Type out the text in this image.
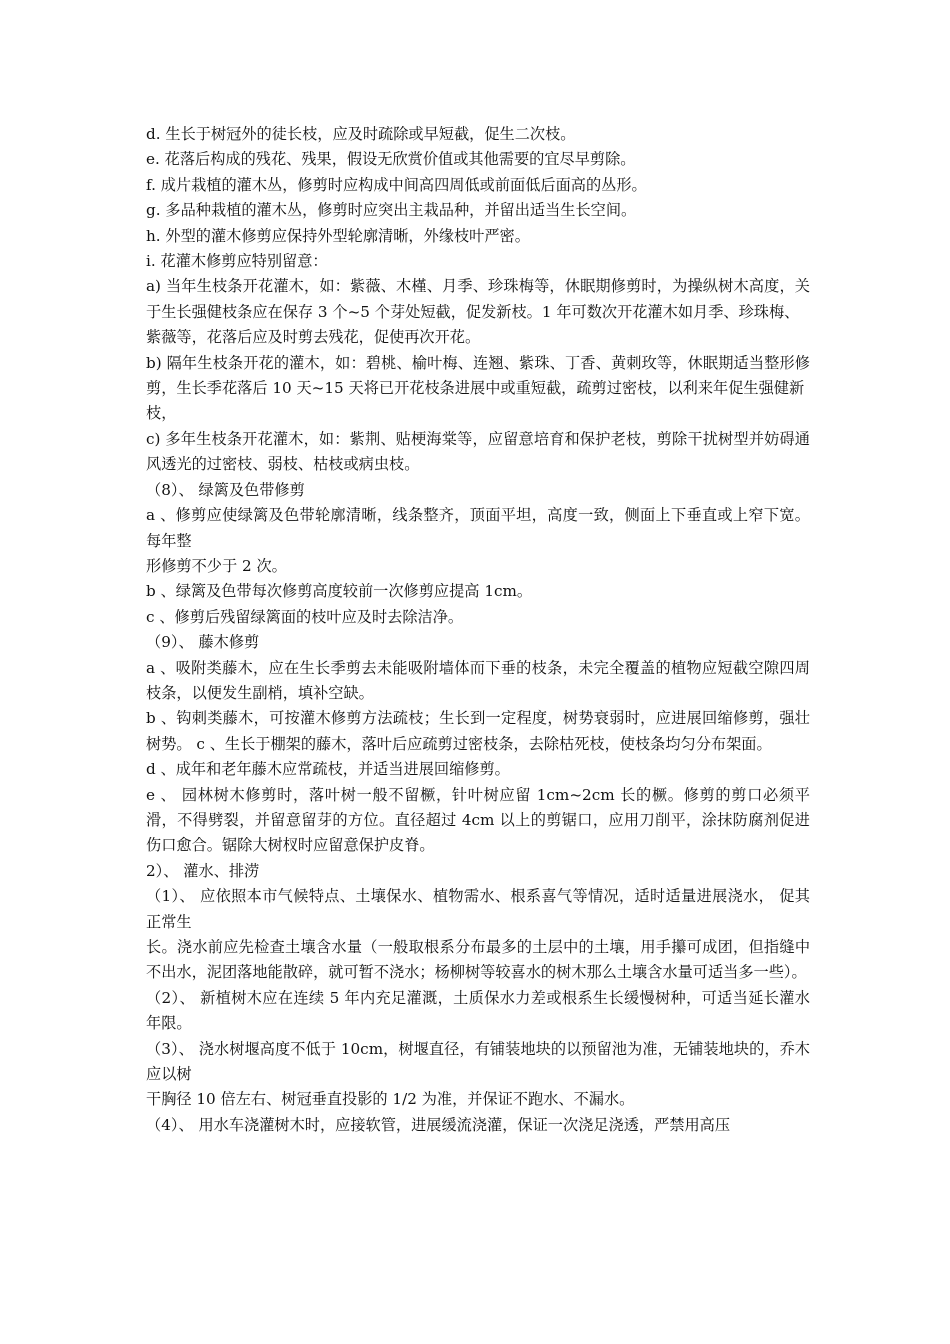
d. 生长于树冠外的徒长枝，应及时疏除或早短截，促生二次枝。

e. 花落后构成的残花、残果，假设无欣赏价值或其他需要的宜尽早剪除。

f. 成片栽植的灌木丛，修剪时应构成中间高四周低或前面低后面高的丛形。

g. 多品种栽植的灌木丛，修剪时应突出主栽品种，并留出适当生长空间。

h. 外型的灌木修剪应保持外型轮廓清晰，外缘枝叶严密。

i. 花灌木修剪应特别留意：

a) 当年生枝条开花灌木，如：紫薇、木槿、月季、珍珠梅等，休眠期修剪时，为操纵树木高度，关于生长强健枝条应在保存 3 个~5 个芽处短截，促发新枝。1 年可数次开花灌木如月季、珍珠梅、

紫薇等，花落后应及时剪去残花，促使再次开花。

b) 隔年生枝条开花的灌木，如：碧桃、榆叶梅、连翘、紫珠、丁香、黄刺玫等，休眠期适当整形修剪，生长季花落后 10 天~15 天将已开花枝条进展中或重短截，疏剪过密枝，以利来年促生强健新

枝，

c) 多年生枝条开花灌木，如：紫荆、贴梗海棠等，应留意培育和保护老枝，剪除干扰树型并妨碍通风透光的过密枝、弱枝、枯枝或病虫枝。

（8）、 绿篱及色带修剪

a 、修剪应使绿篱及色带轮廓清晰，线条整齐，顶面平坦，高度一致，侧面上下垂直或上窄下宽。每年整

形修剪不少于 2 次。

b 、绿篱及色带每次修剪高度较前一次修剪应提高 1cm。

c 、修剪后残留绿篱面的枝叶应及时去除洁净。

（9）、 藤木修剪

a 、吸附类藤木，应在生长季剪去未能吸附墙体而下垂的枝条，未完全覆盖的植物应短截空隙四周枝条，以便发生副梢，填补空缺。

b 、钩刺类藤木，可按灌木修剪方法疏枝；生长到一定程度，树势衰弱时，应进展回缩修剪，强壮树势。 c 、生长于棚架的藤木，落叶后应疏剪过密枝条，去除枯死枝，使枝条均匀分布架面。

d 、成年和老年藤木应常疏枝，并适当进展回缩修剪。

e 、 园林树木修剪时，落叶树一般不留橛，针叶树应留 1cm~2cm 长的橛。修剪的剪口必须平滑，不得劈裂，并留意留芽的方位。直径超过 4cm 以上的剪锯口，应用刀削平，涂抹防腐剂促进伤口愈合。锯除大树杈时应留意保护皮脊。

2）、 灌水、排涝

（1）、 应依照本市气候特点、土壤保水、植物需水、根系喜气等情况，适时适量进展浇水， 促其正常生

长。浇水前应先检查土壤含水量（一般取根系分布最多的土层中的土壤，用手攥可成团，但指缝中不出水，泥团落地能散碎，就可暂不浇水；杨柳树等较喜水的树木那么土壤含水量可适当多一些）。

（2）、 新植树木应在连续 5 年内充足灌溉，土质保水力差或根系生长缓慢树种，可适当延长灌水年限。

（3）、 浇水树堰高度不低于 10cm，树堰直径，有铺装地块的以预留池为准，无铺装地块的，乔木应以树

干胸径 10 倍左右、树冠垂直投影的 1/2 为准，并保证不跑水、不漏水。

（4）、 用水车浇灌树木时，应接软管，进展缓流浇灌，保证一次浇足浇透，严禁用高压
